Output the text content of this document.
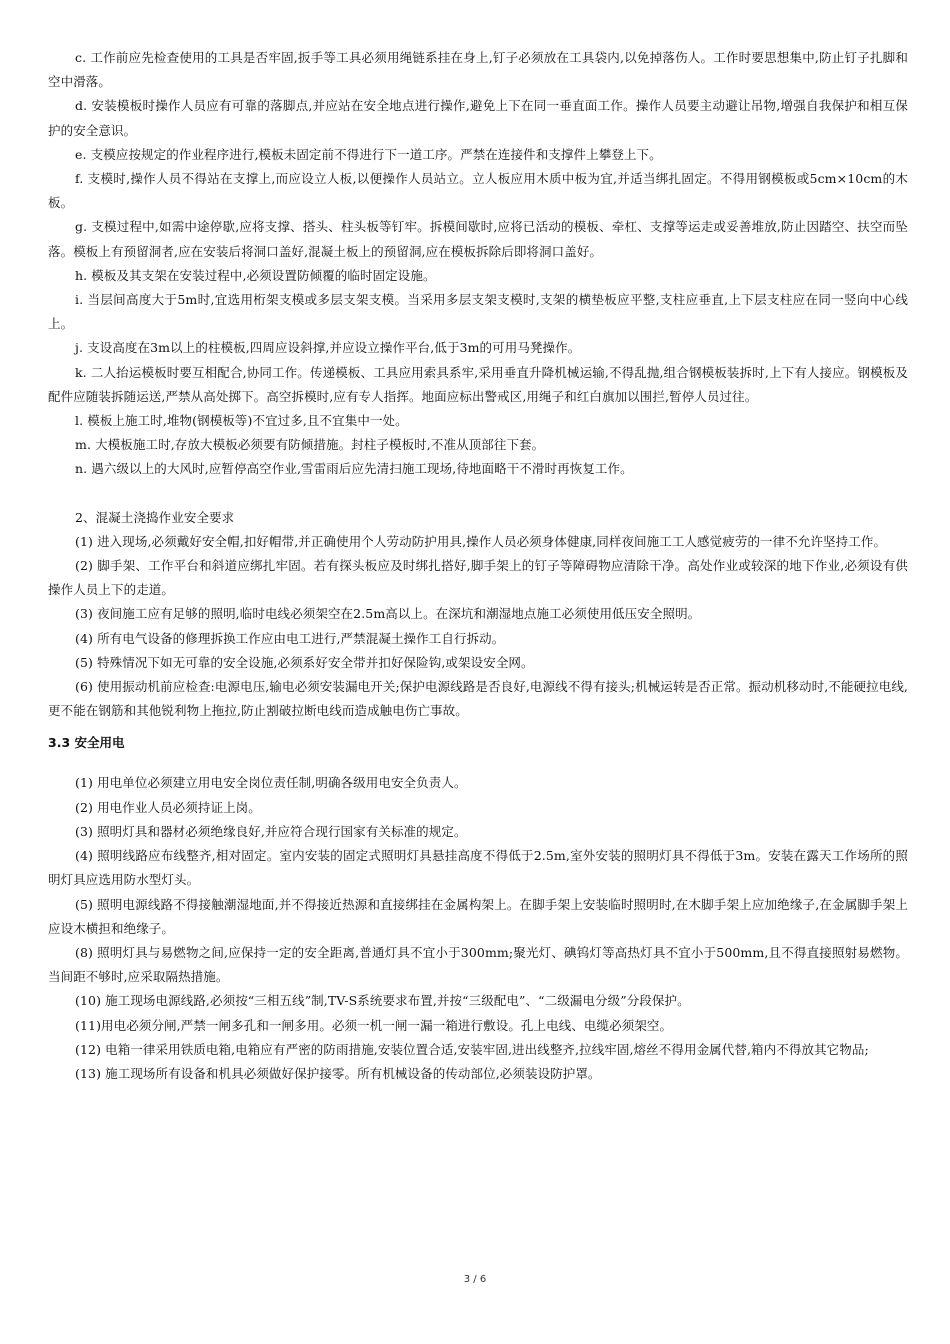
c. 工作前应先检查使用的工具是否牢固,扳手等工具必须用绳链系挂在身上,钉子必须放在工具袋内,以免掉落伤人。工作时要思想集中,防止钉子扎脚和空中滑落。

d. 安装模板时操作人员应有可靠的落脚点,并应站在安全地点进行操作,避免上下在同一垂直面工作。操作人员要主动避让吊物,增强自我保护和相互保护的安全意识。

e. 支模应按规定的作业程序进行,模板未固定前不得进行下一道工序。严禁在连接件和支撑件上攀登上下。

f. 支模时,操作人员不得站在支撑上,而应设立人板,以便操作人员站立。立人板应用木质中板为宜,并适当绑扎固定。不得用钢模板或5cm×10cm的木板。

g. 支模过程中,如需中途停歇,应将支撑、搭头、柱头板等钉牢。拆模间歇时,应将已活动的模板、牵杠、支撑等运走或妥善堆放,防止因踏空、扶空而坠落。模板上有预留洞者,应在安装后将洞口盖好,混凝土板上的预留洞,应在模板拆除后即将洞口盖好。

h. 模板及其支架在安装过程中,必须设置防倾覆的临时固定设施。

i. 当层间高度大于5m时,宜选用桁架支模或多层支架支模。当采用多层支架支模时,支架的横垫板应平整,支柱应垂直,上下层支柱应在同一竖向中心线上。

j. 支设高度在3m以上的柱模板,四周应设斜撑,并应设立操作平台,低于3m的可用马凳操作。

k. 二人抬运模板时要互相配合,协同工作。传递模板、工具应用索具系牢,采用垂直升降机械运输,不得乱抛,组合钢模板装拆时,上下有人接应。钢模板及配件应随装拆随运送,严禁从高处掷下。高空拆模时,应有专人指挥。地面应标出警戒区,用绳子和红白旗加以围拦,暂停人员过往。

l. 模板上施工时,堆物(钢模板等)不宜过多,且不宜集中一处。

m. 大模板施工时,存放大模板必须要有防倾措施。封柱子模板时,不准从顶部往下套。

n. 遇六级以上的大风时,应暂停高空作业,雪雷雨后应先清扫施工现场,待地面略干不滑时再恢复工作。

2、混凝土浇捣作业安全要求

(1) 进入现场,必须戴好安全帽,扣好帽带,并正确使用个人劳动防护用具,操作人员必须身体健康,同样夜间施工工人感觉疲劳的一律不允许坚持工作。

(2) 脚手架、工作平台和斜道应绑扎牢固。若有探头板应及时绑扎搭好,脚手架上的钉子等障碍物应清除干净。高处作业或较深的地下作业,必须设有供操作人员上下的走道。

(3) 夜间施工应有足够的照明,临时电线必须架空在2.5m高以上。在深坑和潮湿地点施工必须使用低压安全照明。

(4) 所有电气设备的修理拆换工作应由电工进行,严禁混凝土操作工自行拆动。

(5) 特殊情况下如无可靠的安全设施,必须系好安全带并扣好保险钩,或架设安全网。

(6) 使用振动机前应检查:电源电压,输电必须安装漏电开关;保护电源线路是否良好,电源线不得有接头;机械运转是否正常。振动机移动时,不能硬拉电线,更不能在钢筋和其他锐利物上拖拉,防止割破拉断电线而造成触电伤亡事故。

3.3 安全用电

(1) 用电单位必须建立用电安全岗位责任制,明确各级用电安全负责人。

(2) 用电作业人员必须持证上岗。

(3) 照明灯具和器材必须绝缘良好,并应符合现行国家有关标准的规定。

(4) 照明线路应布线整齐,相对固定。室内安装的固定式照明灯具悬挂高度不得低于2.5m,室外安装的照明灯具不得低于3m。安装在露天工作场所的照明灯具应选用防水型灯头。

(5) 照明电源线路不得接触潮湿地面,并不得接近热源和直接绑挂在金属构架上。在脚手架上安装临时照明时,在木脚手架上应加绝缘子,在金属脚手架上应设木横担和绝缘子。

(8) 照明灯具与易燃物之间,应保持一定的安全距离,普通灯具不宜小于300mm;聚光灯、碘钨灯等高热灯具不宜小于500mm,且不得直接照射易燃物。当间距不够时,应采取隔热措施。

(10) 施工现场电源线路,必须按“三相五线”制,TV-S系统要求布置,并按“三级配电”、“二级漏电分级”分段保护。

(11)用电必须分闸,严禁一闸多孔和一闸多用。必须一机一闸一漏一箱进行敷设。孔上电线、电缆必须架空。

(12) 电箱一律采用铁质电箱,电箱应有严密的防雨措施,安装位置合适,安装牢固,进出线整齐,拉线牢固,熔丝不得用金属代替,箱内不得放其它物品;

(13) 施工现场所有设备和机具必须做好保护接零。所有机械设备的传动部位,必须装设防护罩。

3 / 6
